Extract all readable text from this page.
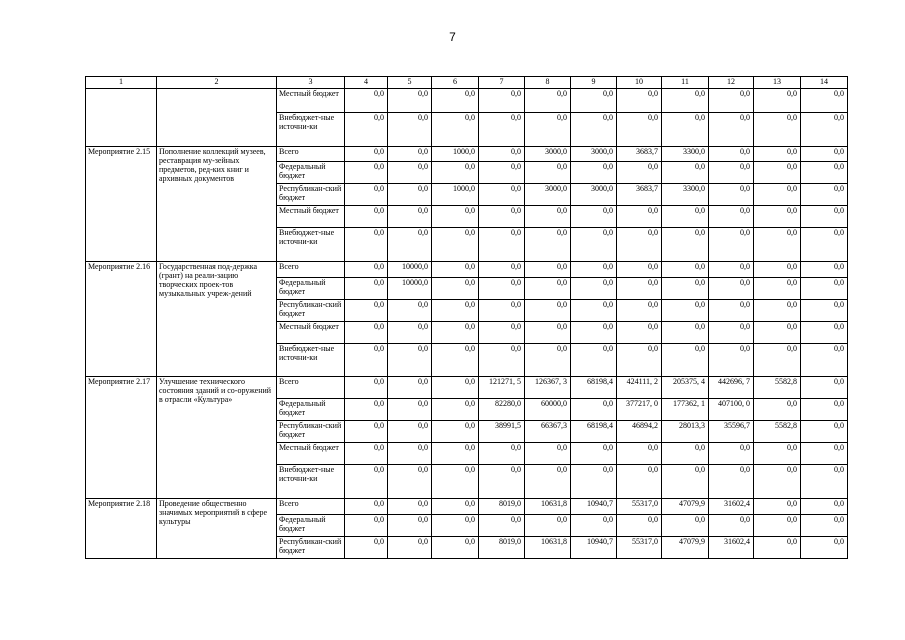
7
1	2	3	4	5	6	7	8	9	10	11	12	13	14
		Местный бюджет	0,0	0,0	0,0	0,0	0,0	0,0	0,0	0,0	0,0	0,0	0,0
		Внебюджет-ные источни-ки	0,0	0,0	0,0	0,0	0,0	0,0	0,0	0,0	0,0	0,0	0,0
Мероприятие 2.15	Пополнение коллекций музеев, реставрация му-зейных предметов, ред-ких книг и архивных документов	Всего	0,0	0,0	1000,0	0,0	3000,0	3000,0	3683,7	3300,0	0,0	0,0	0,0
		Федеральный бюджет	0,0	0,0	0,0	0,0	0,0	0,0	0,0	0,0	0,0	0,0	0,0
		Республикан-ский бюджет	0,0	0,0	1000,0	0,0	3000,0	3000,0	3683,7	3300,0	0,0	0,0	0,0
		Местный бюджет	0,0	0,0	0,0	0,0	0,0	0,0	0,0	0,0	0,0	0,0	0,0
		Внебюджет-ные источни-ки	0,0	0,0	0,0	0,0	0,0	0,0	0,0	0,0	0,0	0,0	0,0
Мероприятие 2.16	Государственная под-держка (грант) на реали-зацию творческих проек-тов музыкальных учреж-дений	Всего	0,0	10000,0	0,0	0,0	0,0	0,0	0,0	0,0	0,0	0,0	0,0
		Федеральный бюджет	0,0	10000,0	0,0	0,0	0,0	0,0	0,0	0,0	0,0	0,0	0,0
		Республикан-ский бюджет	0,0	0,0	0,0	0,0	0,0	0,0	0,0	0,0	0,0	0,0	0,0
		Местный бюджет	0,0	0,0	0,0	0,0	0,0	0,0	0,0	0,0	0,0	0,0	0,0
		Внебюджет-ные источни-ки	0,0	0,0	0,0	0,0	0,0	0,0	0,0	0,0	0,0	0,0	0,0
Мероприятие 2.17	Улучшение технического состояния зданий и со-оружений в отрасли «Культура»	Всего	0,0	0,0	0,0	121271, 5	126367, 3	68198,4	424111, 2	205375, 4	442696, 7	5582,8	0,0
		Федеральный бюджет	0,0	0,0	0,0	82280,0	60000,0	0,0	377217, 0	177362, 1	407100, 0	0,0	0,0
		Республикан-ский бюджет	0,0	0,0	0,0	38991,5	66367,3	68198,4	46894,2	28013,3	35596,7	5582,8	0,0
		Местный бюджет	0,0	0,0	0,0	0,0	0,0	0,0	0,0	0,0	0,0	0,0	0,0
		Внебюджет-ные источни-ки	0,0	0,0	0,0	0,0	0,0	0,0	0,0	0,0	0,0	0,0	0,0
Мероприятие 2.18	Проведение общественно значимых мероприятий в сфере культуры	Всего	0,0	0,0	0,0	8019,0	10631,8	10940,7	55317,0	47079,9	31602,4	0,0	0,0
		Федеральный бюджет	0,0	0,0	0,0	0,0	0,0	0,0	0,0	0,0	0,0	0,0	0,0
		Республикан-ский бюджет	0,0	0,0	0,0	8019,0	10631,8	10940,7	55317,0	47079,9	31602,4	0,0	0,0
